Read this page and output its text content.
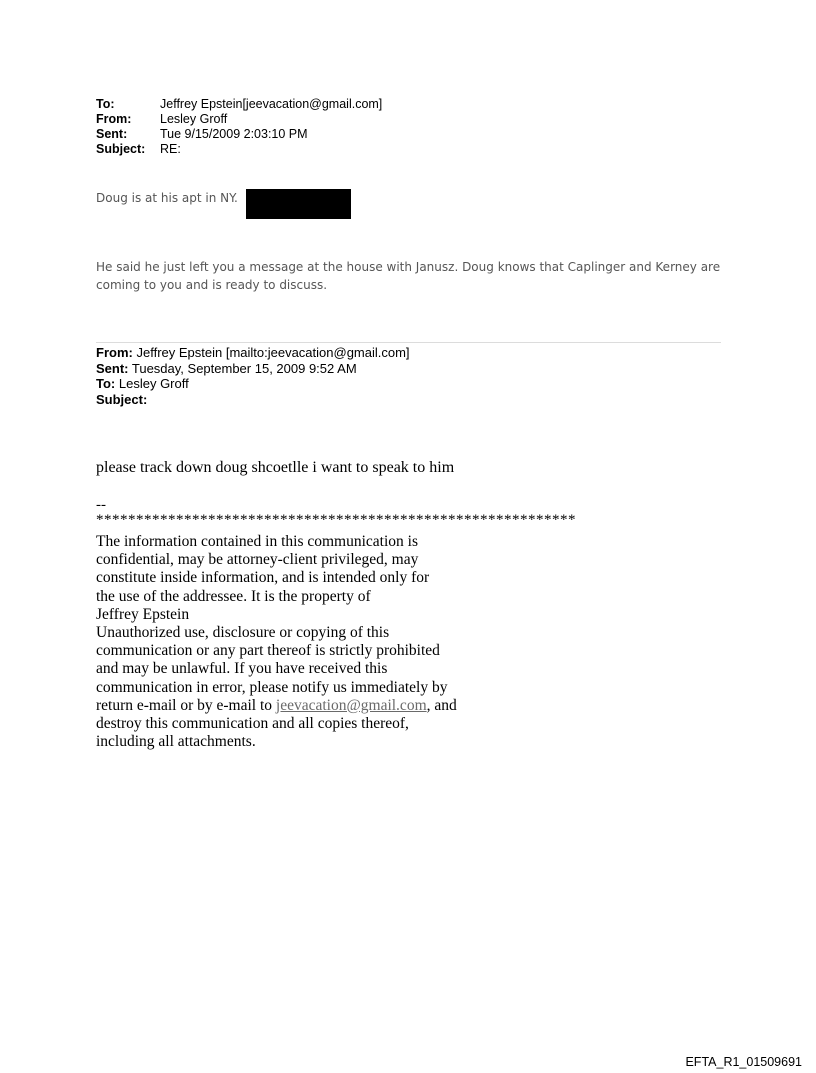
To:	Jeffrey Epstein[jeevacation@gmail.com]
From:	Lesley Groff
Sent:	Tue 9/15/2009 2:03:10 PM
Subject:	RE:
Doug is at his apt in NY.
He said he just left you a message at the house with Janusz. Doug knows that Caplinger and Kerney are
coming to you and is ready to discuss.
From: Jeffrey Epstein [mailto:jeevacation@gmail.com]
Sent: Tuesday, September 15, 2009 9:52 AM
To: Lesley Groff
Subject:
please track down doug shcoetlle i want to speak to him
--
************************************************************
The information contained in this communication is
confidential, may be attorney-client privileged, may
constitute inside information, and is intended only for
the use of the addressee. It is the property of
Jeffrey Epstein
Unauthorized use, disclosure or copying of this
communication or any part thereof is strictly prohibited
and may be unlawful. If you have received this
communication in error, please notify us immediately by
return e-mail or by e-mail to jeevacation@gmail.com, and
destroy this communication and all copies thereof,
including all attachments.
EFTA_R1_01509691
